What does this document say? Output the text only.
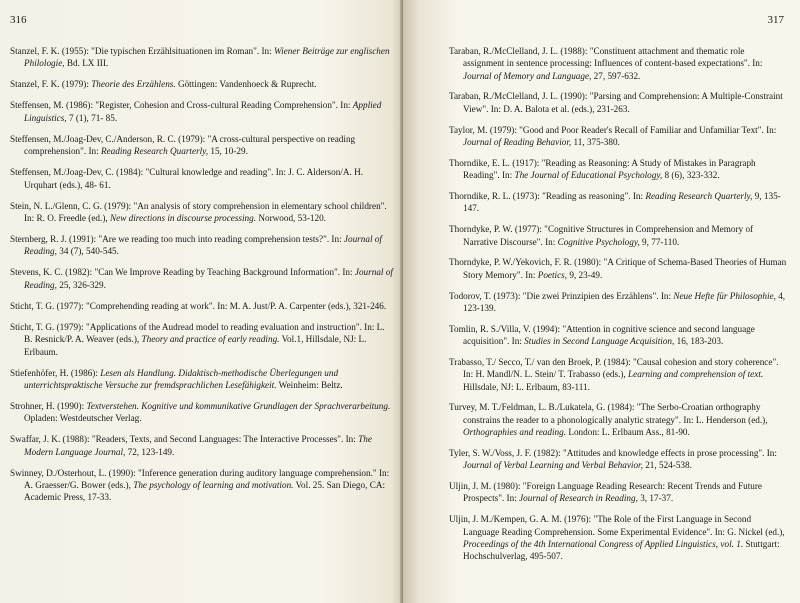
316
Stanzel, F. K. (1955): "Die typischen Erzählsituationen im Roman". In: Wiener Beiträge zur englischen Philologie, Bd. LX III.
Stanzel, F. K. (1979): Theorie des Erzählens. Göttingen: Vandenhoeck & Ruprecht.
Steffensen, M. (1986): "Register, Cohesion and Cross-cultural Reading Comprehension". In: Applied Linguistics, 7 (1), 71- 85.
Steffensen, M./Joag-Dev, C./Anderson, R. C. (1979): "A cross-cultural perspective on reading comprehension". In: Reading Research Quarterly, 15, 10-29.
Steffensen, M./Joag-Dev, C. (1984): "Cultural knowledge and reading". In: J. C. Alderson/A. H. Urquhart (eds.), 48- 61.
Stein, N. L./Glenn, C. G. (1979): "An analysis of story comprehension in elementary school children". In: R. O. Freedle (ed.), New directions in discourse processing. Norwood, 53-120.
Sternberg, R. J. (1991): "Are we reading too much into reading comprehension tests?". In: Journal of Reading, 34 (7), 540-545.
Stevens, K. C. (1982): "Can We Improve Reading by Teaching Background Information". In: Journal of Reading, 25, 326-329.
Sticht, T. G. (1977): "Comprehending reading at work". In: M. A. Just/P. A. Carpenter (eds.), 321-246.
Sticht, T. G. (1979): "Applications of the Audread model to reading evaluation and instruction". In: L. B. Resnick/P. A. Weaver (eds.), Theory and practice of early reading. Vol.1, Hillsdale, NJ: L. Erlbaum.
Stiefenhöfer, H. (1986): Lesen als Handlung. Didaktisch-methodische Überlegungen und unterrichtspraktische Versuche zur fremdsprachlichen Lesefähigkeit. Weinheim: Beltz.
Strohner, H. (1990): Textverstehen. Kognitive und kommunikative Grundlagen der Sprachverarbeitung. Opladen: Westdeutscher Verlag.
Swaffar, J. K. (1988): "Readers, Texts, and Second Languages: The Interactive Processes". In: The Modern Language Journal, 72, 123-149.
Swinney, D./Osterhout, L. (1990): "Inference generation during auditory language comprehension." In: A. Graesser/G. Bower (eds.), The psychology of learning and motivation. Vol. 25. San Diego, CA: Academic Press, 17-33.
317
Taraban, R./McClelland, J. L. (1988): "Constituent attachment and thematic role assignment in sentence processing: Influences of content-based expectations". In: Journal of Memory and Language, 27, 597-632.
Taraban, R./McClelland, J. L. (1990): "Parsing and Comprehension: A Multiple-Constraint View". In: D. A. Balota et al. (eds.), 231-263.
Taylor, M. (1979): "Good and Poor Reader's Recall of Familiar and Unfamiliar Text". In: Journal of Reading Behavior, 11, 375-380.
Thorndike, E. L. (1917): "Reading as Reasoning: A Study of Mistakes in Paragraph Reading". In: The Journal of Educational Psychology, 8 (6), 323-332.
Thorndike, R. L. (1973): "Reading as reasoning". In: Reading Research Quarterly, 9, 135-147.
Thorndyke, P. W. (1977): "Cognitive Structures in Comprehension and Memory of Narrative Discourse". In: Cognitive Psychology, 9, 77-110.
Thorndyke, P. W./Yekovich, F. R. (1980): "A Critique of Schema-Based Theories of Human Story Memory". In: Poetics, 9, 23-49.
Todorov, T. (1973): "Die zwei Prinzipien des Erzählens". In: Neue Hefte für Philosophie, 4, 123-139.
Tomlin, R. S./Villa, V. (1994): "Attention in cognitive science and second language acquisition". In: Studies in Second Language Acquisition, 16, 183-203.
Trabasso, T./ Secco, T./ van den Broek, P. (1984): "Causal cohesion and story coherence". In: H. Mandl/N. L. Stein/ T. Trabasso (eds.), Learning and comprehension of text. Hillsdale, NJ: L. Erlbaum, 83-111.
Turvey, M. T./Feldman, L. B./Lukatela, G. (1984): "The Serbo-Croatian orthography constrains the reader to a phonologically analytic strategy". In: L. Henderson (ed.), Orthographies and reading. London: L. Erlbaum Ass., 81-90.
Tyler, S. W./Voss, J. F. (1982): "Attitudes and knowledge effects in prose processing". In: Journal of Verbal Learning and Verbal Behavior, 21, 524-538.
Uljin, J. M. (1980): "Foreign Language Reading Research: Recent Trends and Future Prospects". In: Journal of Research in Reading, 3, 17-37.
Uljin, J. M./Kempen, G. A. M. (1976): "The Role of the First Language in Second Language Reading Comprehension. Some Experimental Evidence". In: G. Nickel (ed.), Proceedings of the 4th International Congress of Applied Linguistics, vol. 1. Stuttgart: Hochschulverlag, 495-507.
